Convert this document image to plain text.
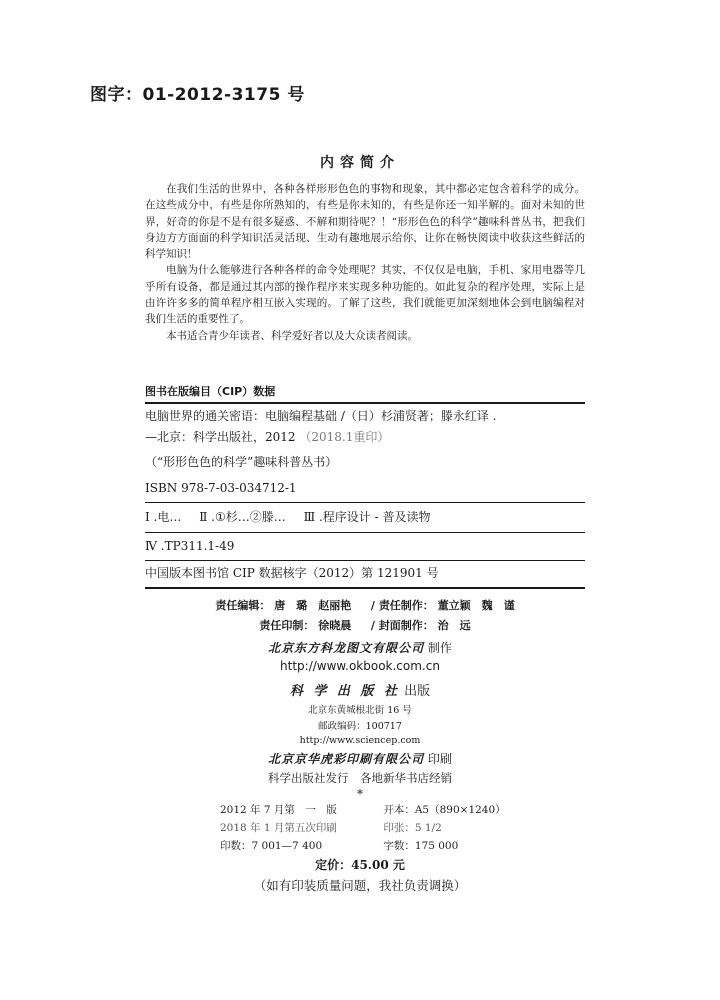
图字：01-2012-3175 号
内容简介

在我们生活的世界中，各种各样形形色色的事物和现象，其中都必定包含着科学的成分。在这些成分中，有些是你所熟知的，有些是你未知的，有些是你还一知半解的。面对未知的世界，好奇的你是不是有很多疑惑、不解和期待呢？！“形形色色的科学”趣味科普丛书，把我们身边方方面面的科学知识活灵活现、生动有趣地展示给你，让你在畅快阅读中收获这些鲜活的科学知识！

电脑为什么能够进行各种各样的命令处理呢？其实，不仅仅是电脑，手机、家用电器等几乎所有设备，都是通过其内部的操作程序来实现多种功能的。如此复杂的程序处理，实际上是由许许多多的简单程序相互嵌入实现的。了解了这些，我们就能更加深刻地体会到电脑编程对我们生活的重要性了。

本书适合青少年读者、科学爱好者以及大众读者阅读。

图书在版编目（CIP）数据
电脑世界的通关密语：电脑编程基础 /（日）杉浦贤著；滕永红译 .
—北京：科学出版社，2012 （2018.1重印）
（“形形色色的科学”趣味科普丛书）
ISBN 978-7-03-034712-1
Ⅰ .电… Ⅱ .①杉…②滕… Ⅲ .程序设计 - 普及读物
Ⅳ .TP311.1-49
中国版本图书馆 CIP 数据核字（2012）第 121901 号
责任编辑： 唐　璐　赵丽艳 / 责任制作： 董立颖　魏　谨
责任印制： 徐晓晨 / 封面制作： 治　远
北京东方科龙图文有限公司 制作
http://www.okbook.com.cn
科 学 出 版 社 出版
北京东黄城根北街 16 号
邮政编码：100717
http://www.sciencep.com
北京京华虎彩印刷有限公司 印刷
科学出版社发行　各地新华书店经销
*
2012 年 7 月第　一　版	开本：A5（890×1240）
2018 年 1 月第五次印刷	印张：5 1/2
印数：7 001—7 400	字数：175 000
定价：45.00 元
（如有印装质量问题，我社负责调换）
